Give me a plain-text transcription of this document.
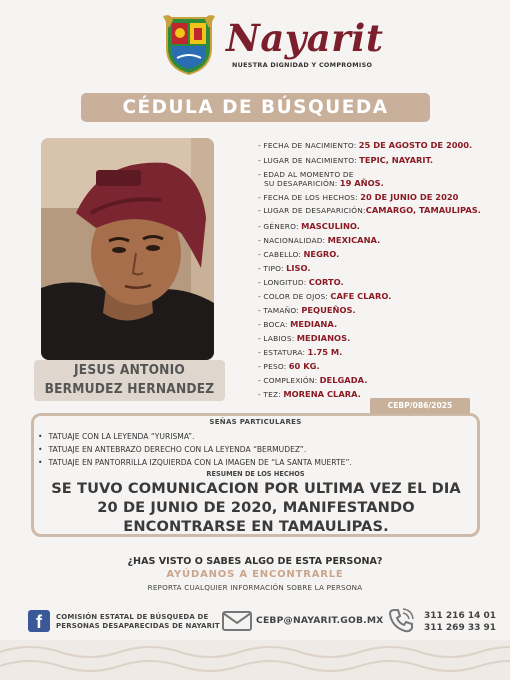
Nayarit
NUESTRA DIGNIDAD Y COMPROMISO
CÉDULA DE BÚSQUEDA
JESUS ANTONIO
BERMUDEZ HERNANDEZ
- FECHA DE NACIMIENTO: 25 DE AGOSTO DE 2000.
- LUGAR DE NACIMIENTO: TEPIC, NAYARIT.
- EDAD AL MOMENTO DE
SU DESAPARICIÓN: 19 AÑOS.
- FECHA DE LOS HECHOS: 20 DE JUNIO DE 2020
- LUGAR DE DESAPARICIÓN:CAMARGO, TAMAULIPAS.
- GÉNERO: MASCULINO.
- NACIONALIDAD: MEXICANA.
- CABELLO: NEGRO.
- TIPO: LISO.
- LONGITUD: CORTO.
- COLOR DE OJOS: CAFE CLARO.
- TAMAÑO: PEQUEÑOS.
- BOCA: MEDIANA.
- LABIOS: MEDIANOS.
- ESTATURA: 1.75 M.
- PESO: 60 KG.
- COMPLEXIÓN: DELGADA.
- TEZ: MORENA CLARA.
CEBP/086/2025
SEÑAS PARTICULARES
• TATUAJE CON LA LEYENDA “YURISMA”.
• TATUAJE EN ANTEBRAZO DERECHO CON LA LEYENDA “BERMUDEZ”.
• TATUAJE EN PANTORRILLA IZQUIERDA CON LA IMAGEN DE “LA SANTA MUERTE”.
RESUMEN DE LOS HECHOS
SE TUVO COMUNICACION POR ULTIMA VEZ EL DIA 20 DE JUNIO DE 2020, MANIFESTANDO ENCONTRARSE EN TAMAULIPAS.
¿HAS VISTO O SABES ALGO DE ESTA PERSONA?
AYÚDANOS A ENCONTRARLE
REPORTA CUALQUIER INFORMACIÓN SOBRE LA PERSONA
f	COMISIÓN ESTATAL DE BÚSQUEDA DE
PERSONAS DESAPARECIDAS DE NAYARIT	CEBP@NAYARIT.GOB.MX	311 216 14 01
311 269 33 91
